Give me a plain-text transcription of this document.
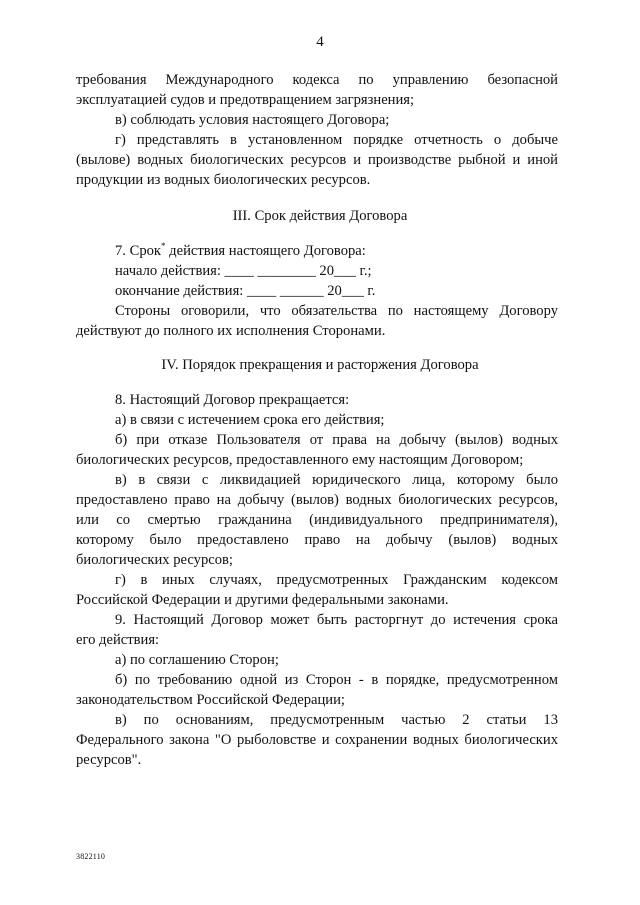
4
требования Международного кодекса по управлению безопасной
эксплуатацией судов и предотвращением загрязнения;
в) соблюдать условия настоящего Договора;
г) представлять в установленном порядке отчетность о добыче
(вылове) водных биологических ресурсов и производстве рыбной и иной
продукции из водных биологических ресурсов.
III. Срок действия Договора
7. Срок* действия настоящего Договора:
начало действия: ____ ________ 20___ г.;
окончание действия: ____ ______ 20___ г.
Стороны оговорили, что обязательства по настоящему Договору
действуют до полного их исполнения Сторонами.
IV. Порядок прекращения и расторжения Договора
8. Настоящий Договор прекращается:
а) в связи с истечением срока его действия;
б) при отказе Пользователя от права на добычу (вылов) водных
биологических ресурсов, предоставленного ему настоящим Договором;
в) в связи с ликвидацией юридического лица, которому было
предоставлено право на добычу (вылов) водных биологических ресурсов,
или со смертью гражданина (индивидуального предпринимателя),
которому было предоставлено право на добычу (вылов) водных
биологических ресурсов;
г) в иных случаях, предусмотренных Гражданским кодексом
Российской Федерации и другими федеральными законами.
9. Настоящий Договор может быть расторгнут до истечения срока
его действия:
а) по соглашению Сторон;
б) по требованию одной из Сторон - в порядке, предусмотренном
законодательством Российской Федерации;
в) по основаниям, предусмотренным частью 2 статьи 13
Федерального закона "О рыболовстве и сохранении водных биологических
ресурсов".
3822110
